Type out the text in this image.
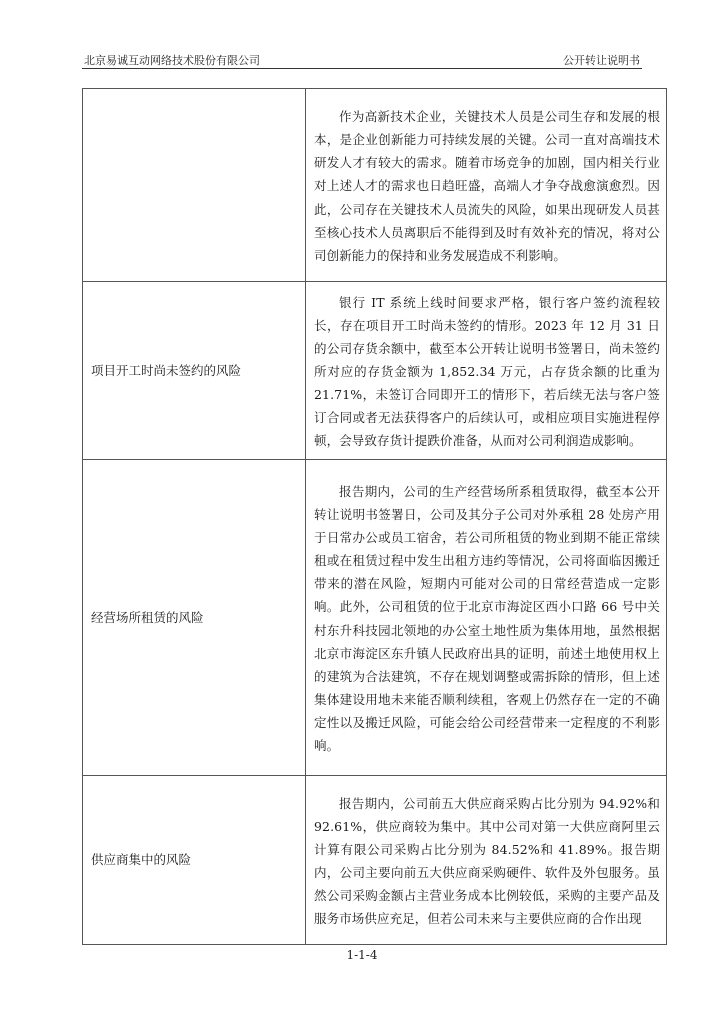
北京易诚互动网络技术股份有限公司	公开转让说明书
	作为高新技术企业，关键技术人员是公司生存和发展的根本，是企业创新能力可持续发展的关键。公司一直对高端技术研发人才有较大的需求。随着市场竞争的加剧，国内相关行业对上述人才的需求也日趋旺盛，高端人才争夺战愈演愈烈。因此，公司存在关键技术人员流失的风险，如果出现研发人员甚至核心技术人员离职后不能得到及时有效补充的情况，将对公司创新能力的保持和业务发展造成不利影响。
项目开工时尚未签约的风险	银行 IT 系统上线时间要求严格，银行客户签约流程较长，存在项目开工时尚未签约的情形。2023 年 12 月 31 日的公司存货余额中，截至本公开转让说明书签署日，尚未签约所对应的存货金额为 1,852.34 万元，占存货余额的比重为 21.71%，未签订合同即开工的情形下，若后续无法与客户签订合同或者无法获得客户的后续认可，或相应项目实施进程停顿，会导致存货计提跌价准备，从而对公司利润造成影响。
经营场所租赁的风险	报告期内，公司的生产经营场所系租赁取得，截至本公开转让说明书签署日，公司及其分子公司对外承租 28 处房产用于日常办公或员工宿舍，若公司所租赁的物业到期不能正常续租或在租赁过程中发生出租方违约等情况，公司将面临因搬迁带来的潜在风险，短期内可能对公司的日常经营造成一定影响。此外，公司租赁的位于北京市海淀区西小口路 66 号中关村东升科技园北领地的办公室土地性质为集体用地，虽然根据北京市海淀区东升镇人民政府出具的证明，前述土地使用权上的建筑为合法建筑，不存在规划调整或需拆除的情形，但上述集体建设用地未来能否顺利续租，客观上仍然存在一定的不确定性以及搬迁风险，可能会给公司经营带来一定程度的不利影响。
供应商集中的风险	报告期内，公司前五大供应商采购占比分别为 94.92%和 92.61%，供应商较为集中。其中公司对第一大供应商阿里云计算有限公司采购占比分别为 84.52%和 41.89%。报告期内，公司主要向前五大供应商采购硬件、软件及外包服务。虽然公司采购金额占主营业务成本比例较低，采购的主要产品及服务市场供应充足，但若公司未来与主要供应商的合作出现
1-1-4
